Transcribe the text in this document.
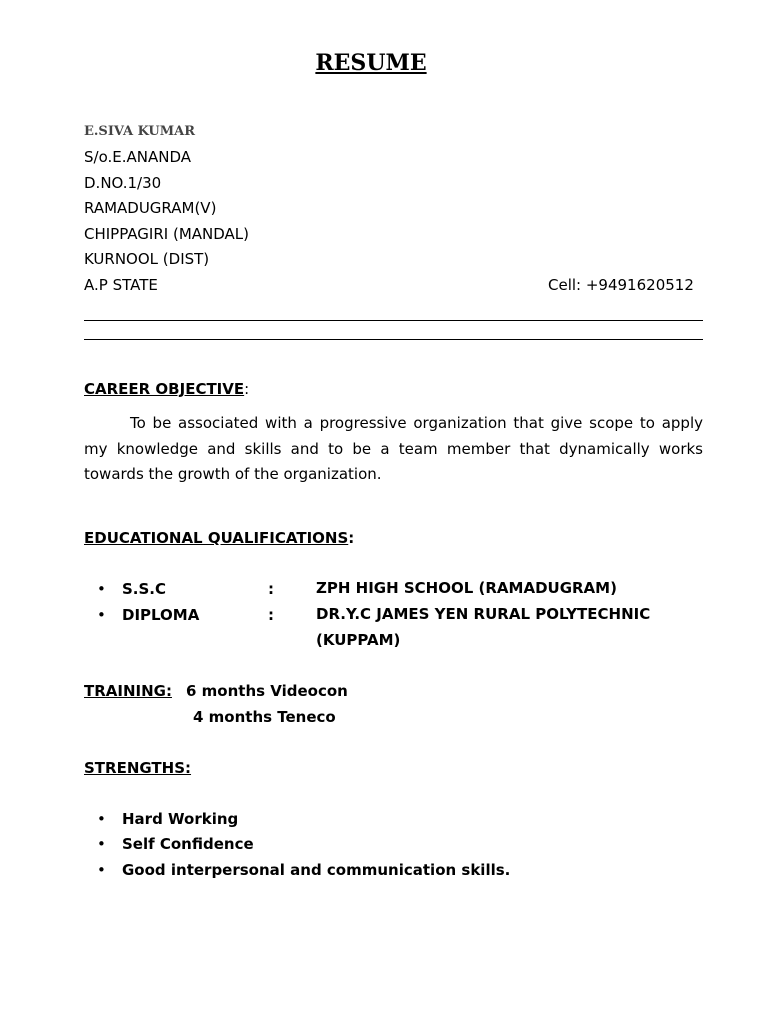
RESUME
E.SIVA KUMAR
S/o.E.ANANDA
D.NO.1/30
RAMADUGRAM(V)
CHIPPAGIRI (MANDAL)
KURNOOL (DIST)
A.P STATE	Cell: +9491620512
CAREER OBJECTIVE:
To be associated with a progressive organization that give scope to apply my knowledge and skills and to be a team member that dynamically works towards the growth of the organization.
EDUCATIONAL QUALIFICATIONS:
• S.S.C	:	ZPH HIGH SCHOOL (RAMADUGRAM)
• DIPLOMA	:	DR.Y.C JAMES YEN RURAL POLYTECHNIC (KUPPAM)
TRAINING: 6 months Videocon
4 months Teneco
STRENGTHS:
• Hard Working
• Self Confidence
• Good interpersonal and communication skills.
